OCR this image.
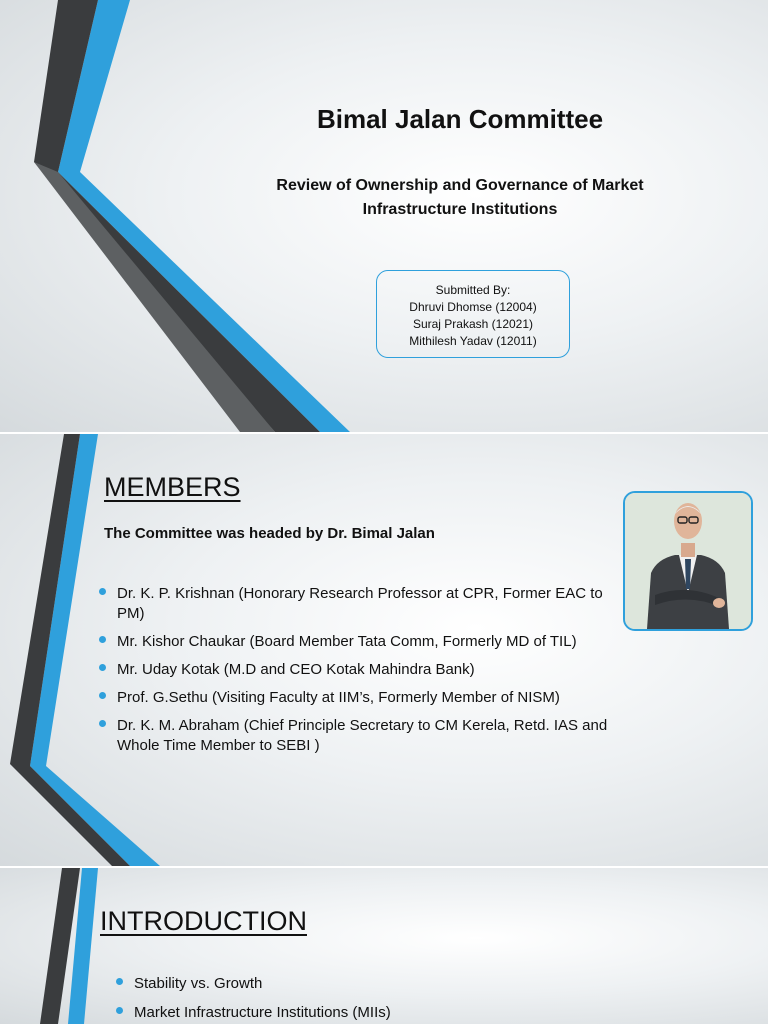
Bimal Jalan Committee
Review of Ownership and Governance of Market
Infrastructure Institutions
Submitted By:
Dhruvi Dhomse (12004)
Suraj Prakash (12021)
Mithilesh Yadav (12011)
MEMBERS
The Committee was headed by Dr. Bimal Jalan
Dr. K. P. Krishnan (Honorary Research Professor at CPR, Former EAC to PM)
Mr. Kishor Chaukar (Board Member Tata Comm, Formerly MD of TIL)
Mr. Uday Kotak (M.D and CEO Kotak Mahindra Bank)
Prof. G.Sethu (Visiting Faculty at IIM’s, Formerly Member of NISM)
Dr. K. M. Abraham (Chief Principle Secretary to CM Kerela, Retd. IAS and Whole Time Member to SEBI )
INTRODUCTION
Stability vs. Growth
Market Infrastructure Institutions (MIIs)
